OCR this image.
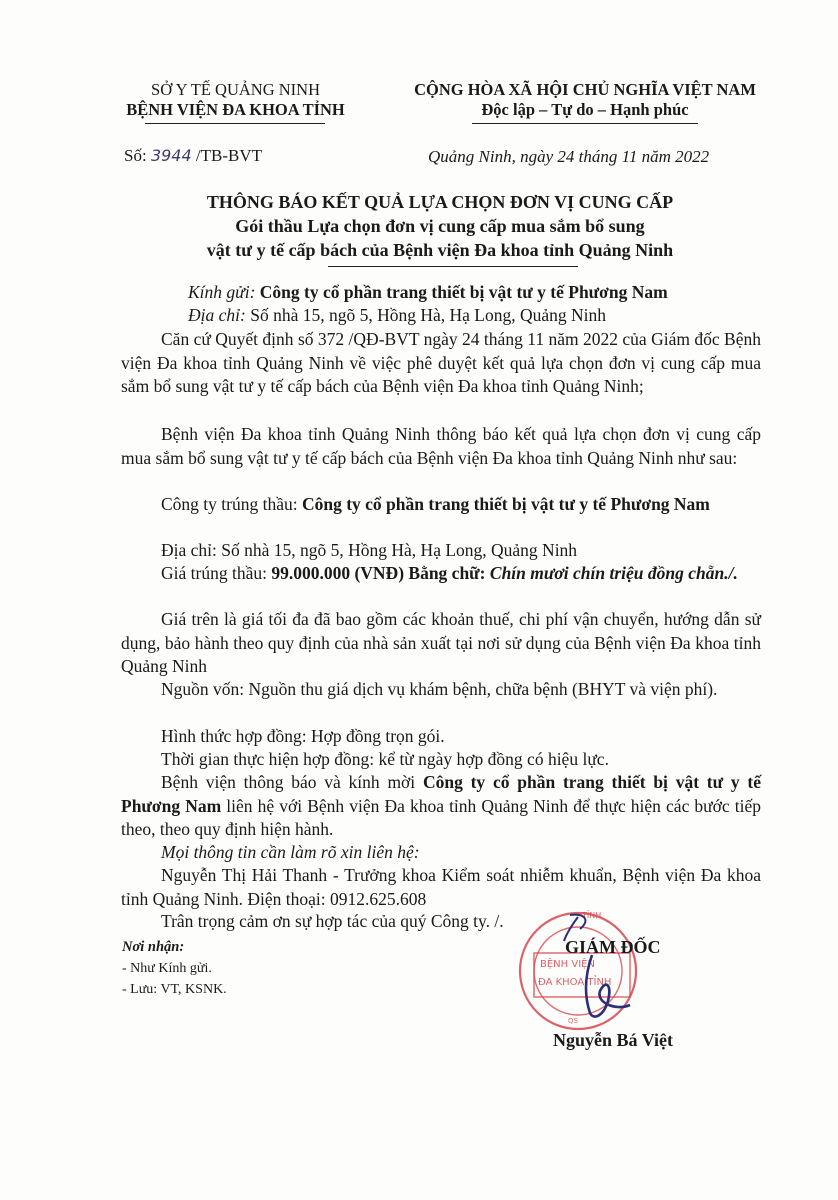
SỞ Y TẾ QUẢNG NINH
BỆNH VIỆN ĐA KHOA TỈNH
CỘNG HÒA XÃ HỘI CHỦ NGHĨA VIỆT NAM
Độc lập – Tự do – Hạnh phúc
Số: 3944 /TB-BVT	Quảng Ninh, ngày 24 tháng 11 năm 2022
THÔNG BÁO KẾT QUẢ LỰA CHỌN ĐƠN VỊ CUNG CẤP
Gói thầu Lựa chọn đơn vị cung cấp mua sắm bổ sung
vật tư y tế cấp bách của Bệnh viện Đa khoa tỉnh Quảng Ninh
Kính gửi: Công ty cổ phần trang thiết bị vật tư y tế Phương Nam
Địa chỉ: Số nhà 15, ngõ 5, Hồng Hà, Hạ Long, Quảng Ninh
Căn cứ Quyết định số 372 /QĐ-BVT ngày 24 tháng 11 năm 2022 của Giám đốc Bệnh viện Đa khoa tỉnh Quảng Ninh về việc phê duyệt kết quả lựa chọn đơn vị cung cấp mua sắm bổ sung vật tư y tế cấp bách của Bệnh viện Đa khoa tỉnh Quảng Ninh;
Bệnh viện Đa khoa tỉnh Quảng Ninh thông báo kết quả lựa chọn đơn vị cung cấp mua sắm bổ sung vật tư y tế cấp bách của Bệnh viện Đa khoa tỉnh Quảng Ninh như sau:
Công ty trúng thầu: Công ty cổ phần trang thiết bị vật tư y tế Phương Nam
Địa chỉ: Số nhà 15, ngõ 5, Hồng Hà, Hạ Long, Quảng Ninh
Giá trúng thầu: 99.000.000 (VNĐ) Bằng chữ: Chín mươi chín triệu đồng chẵn./.
Giá trên là giá tối đa đã bao gồm các khoản thuế, chi phí vận chuyển, hướng dẫn sử dụng, bảo hành theo quy định của nhà sản xuất tại nơi sử dụng của Bệnh viện Đa khoa tỉnh Quảng Ninh
Nguồn vốn: Nguồn thu giá dịch vụ khám bệnh, chữa bệnh (BHYT và viện phí).
Hình thức hợp đồng: Hợp đồng trọn gói.
Thời gian thực hiện hợp đồng: kể từ ngày hợp đồng có hiệu lực.
Bệnh viện thông báo và kính mời Công ty cổ phần trang thiết bị vật tư y tế Phương Nam liên hệ với Bệnh viện Đa khoa tỉnh Quảng Ninh để thực hiện các bước tiếp theo, theo quy định hiện hành.
Mọi thông tin cần làm rõ xin liên hệ:
Nguyễn Thị Hải Thanh - Trưởng khoa Kiểm soát nhiễm khuẩn, Bệnh viện Đa khoa tỉnh Quảng Ninh. Điện thoại: 0912.625.608
Trân trọng cảm ơn sự hợp tác của quý Công ty. /.
Nơi nhận:
- Như Kính gửi.
- Lưu: VT, KSNK.
TỈNH
BỆNH VIỆN
ĐA KHOA TỈNH
QS
GIÁM ĐỐC
Nguyễn Bá Việt
